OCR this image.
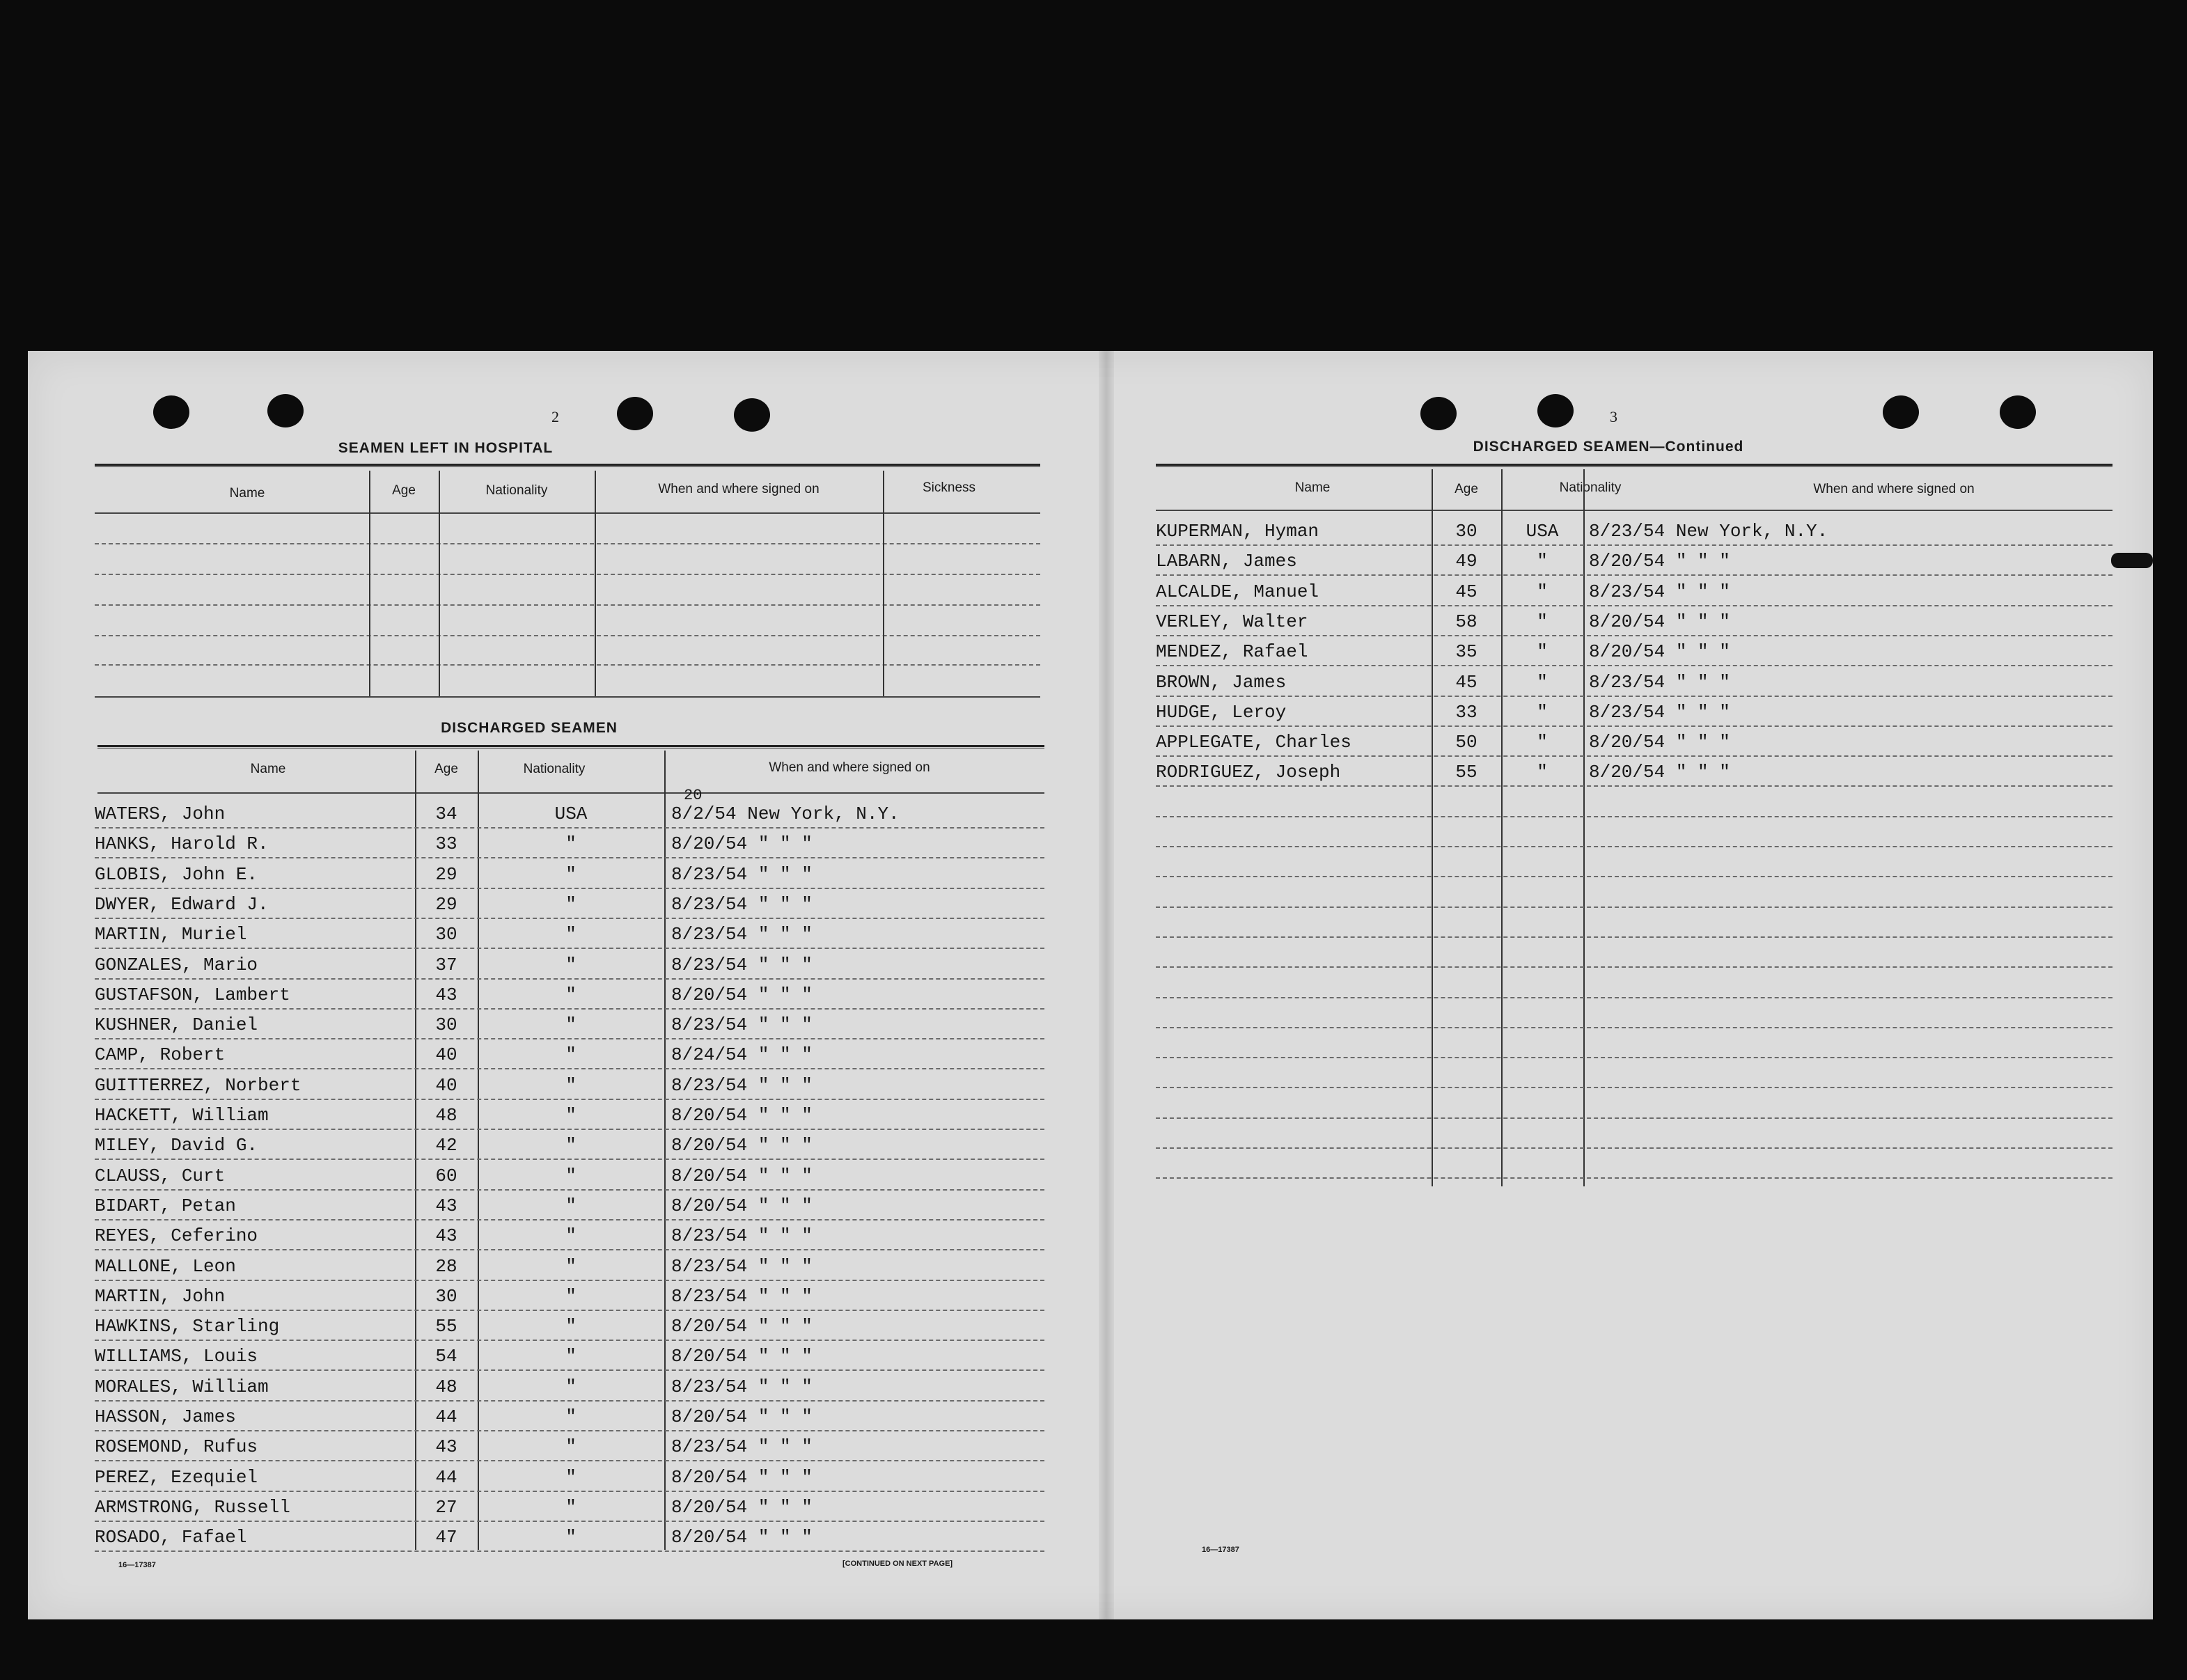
2
SEAMEN LEFT IN HOSPITAL
Name	Age	Nationality	When and where signed on	Sickness
DISCHARGED SEAMEN
Name	Age	Nationality	When and where signed on
WATERS, John	34	USA	8/2/54 New York, N.Y.
HANKS, Harold R.	33	"	8/20/54 " " "
GLOBIS, John E.	29	"	8/23/54 " " "
DWYER, Edward J.	29	"	8/23/54 " " "
MARTIN, Muriel	30	"	8/23/54 " " "
GONZALES, Mario	37	"	8/23/54 " " "
GUSTAFSON, Lambert	43	"	8/20/54 " " "
KUSHNER, Daniel	30	"	8/23/54 " " "
CAMP, Robert	40	"	8/24/54 " " "
GUITTERREZ, Norbert	40	"	8/23/54 " " "
HACKETT, William	48	"	8/20/54 " " "
MILEY, David G.	42	"	8/20/54 " " "
CLAUSS, Curt	60	"	8/20/54 " " "
BIDART, Petan	43	"	8/20/54 " " "
REYES, Ceferino	43	"	8/23/54 " " "
MALLONE, Leon	28	"	8/23/54 " " "
MARTIN, John	30	"	8/23/54 " " "
HAWKINS, Starling	55	"	8/20/54 " " "
WILLIAMS, Louis	54	"	8/20/54 " " "
MORALES, William	48	"	8/23/54 " " "
HASSON, James	44	"	8/20/54 " " "
ROSEMOND, Rufus	43	"	8/23/54 " " "
PEREZ, Ezequiel	44	"	8/20/54 " " "
ARMSTRONG, Russell	27	"	8/20/54 " " "
ROSADO, Fafael	47	"	8/20/54 " " "
20
16—17387	[CONTINUED ON NEXT PAGE]
3
DISCHARGED SEAMEN—Continued
Name	Age	Nationality	When and where signed on
KUPERMAN, Hyman	30	USA	8/23/54 New York, N.Y.
LABARN, James	49	"	8/20/54 " " "
ALCALDE, Manuel	45	"	8/23/54 " " "
VERLEY, Walter	58	"	8/20/54 " " "
MENDEZ, Rafael	35	"	8/20/54 " " "
BROWN, James	45	"	8/23/54 " " "
HUDGE, Leroy	33	"	8/23/54 " " "
APPLEGATE, Charles	50	"	8/20/54 " " "
RODRIGUEZ, Joseph	55	"	8/20/54 " " "
16—17387
